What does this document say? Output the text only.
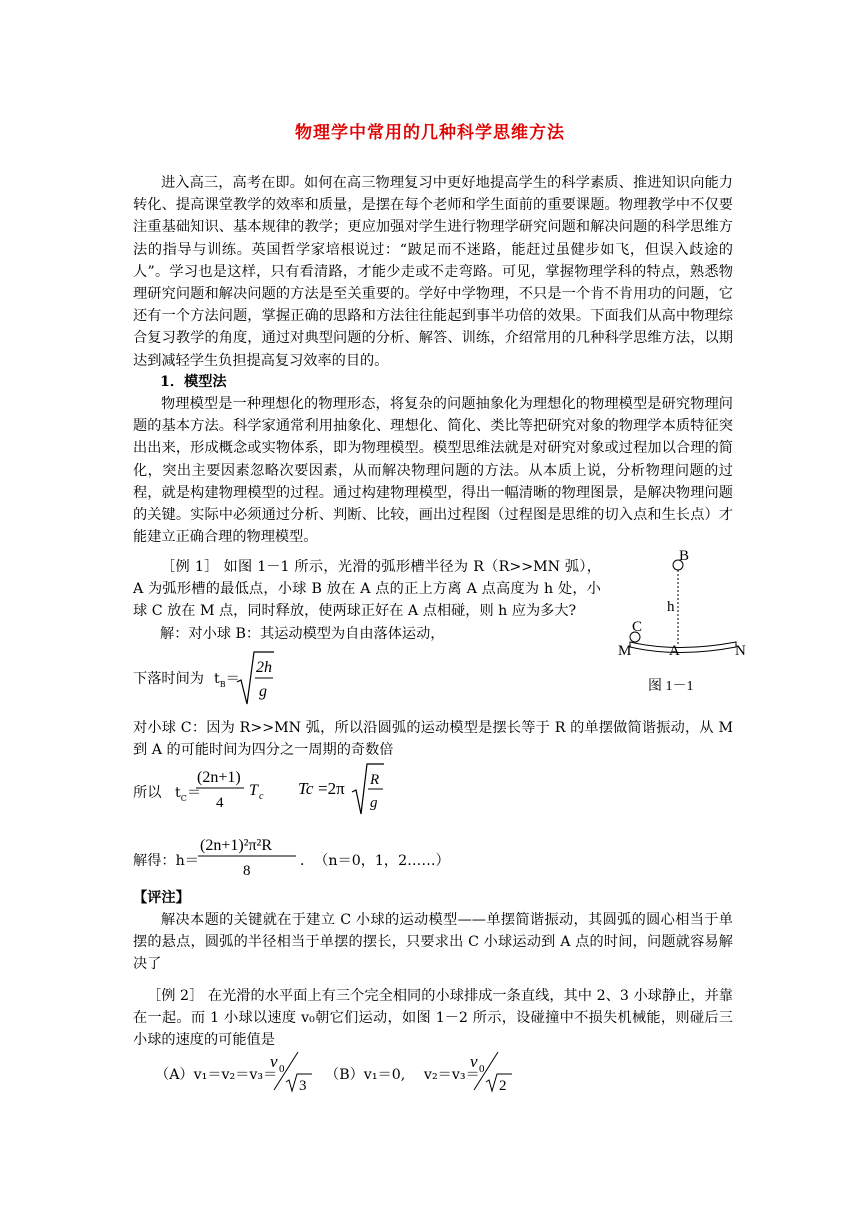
物理学中常用的几种科学思维方法
进入高三，高考在即。如何在高三物理复习中更好地提高学生的科学素质、推进知识向能力转化、提高课堂教学的效率和质量，是摆在每个老师和学生面前的重要课题。物理教学中不仅要注重基础知识、基本规律的教学；更应加强对学生进行物理学研究问题和解决问题的科学思维方法的指导与训练。英国哲学家培根说过：“跛足而不迷路，能赶过虽健步如飞，但误入歧途的人”。学习也是这样，只有看清路，才能少走或不走弯路。可见，掌握物理学科的特点，熟悉物理研究问题和解决问题的方法是至关重要的。学好中学物理，不只是一个肯不肯用功的问题，它还有一个方法问题，掌握正确的思路和方法往往能起到事半功倍的效果。下面我们从高中物理综合复习教学的角度，通过对典型问题的分析、解答、训练，介绍常用的几种科学思维方法，以期达到减轻学生负担提高复习效率的目的。
1．模型法
物理模型是一种理想化的物理形态，将复杂的问题抽象化为理想化的物理模型是研究物理问题的基本方法。科学家通常利用抽象化、理想化、简化、类比等把研究对象的物理学本质特征突出出来，形成概念或实物体系，即为物理模型。模型思维法就是对研究对象或过程加以合理的简化，突出主要因素忽略次要因素，从而解决物理问题的方法。从本质上说，分析物理问题的过程，就是构建物理模型的过程。通过构建物理模型，得出一幅清晰的物理图景，是解决物理问题的关键。实际中必须通过分析、判断、比较，画出过程图（过程图是思维的切入点和生长点）才能建立正确合理的物理模型。
［例 1］ 如图 1－1 所示，光滑的弧形槽半径为 R（R>>MN 弧），A 为弧形槽的最低点，小球 B 放在 A 点的正上方离 A 点高度为 h 处，小球 C 放在 M 点，同时释放，使两球正好在 A 点相碰，则 h 应为多大?
解：对小球 B：其运动模型为自由落体运动，
B
h
C
M	A	N
图 1－1
下落时间为 $t_B=$
2h
g
对小球 C：因为 R>>MN 弧，所以沿圆弧的运动模型是摆长等于 R 的单摆做简谐振动，从 M 到 A 的可能时间为四分之一周期的奇数倍
所以 $t_C=$
(2n+1)
4
T c Tc =2π R
g
解得：h＝
(2n+1)²π²R
8
．　（n＝0，1，2……）
【评注】
解决本题的关键就在于建立 C 小球的运动模型——单摆简谐振动，其圆弧的圆心相当于单摆的悬点，圆弧的半径相当于单摆的摆长，只要求出 C 小球运动到 A 点的时间，问题就容易解决了
［例 2］ 在光滑的水平面上有三个完全相同的小球排成一条直线，其中 2、3 小球静止，并靠在一起。而 1 小球以速度 v₀朝它们运动，如图 1－2 所示，设碰撞中不损失机械能，则碰后三小球的速度的可能值是
（A）v₁＝v₂＝v₃＝
v 0
3
（B）v₁＝0,　 v₂＝v₃＝
v 0
2
